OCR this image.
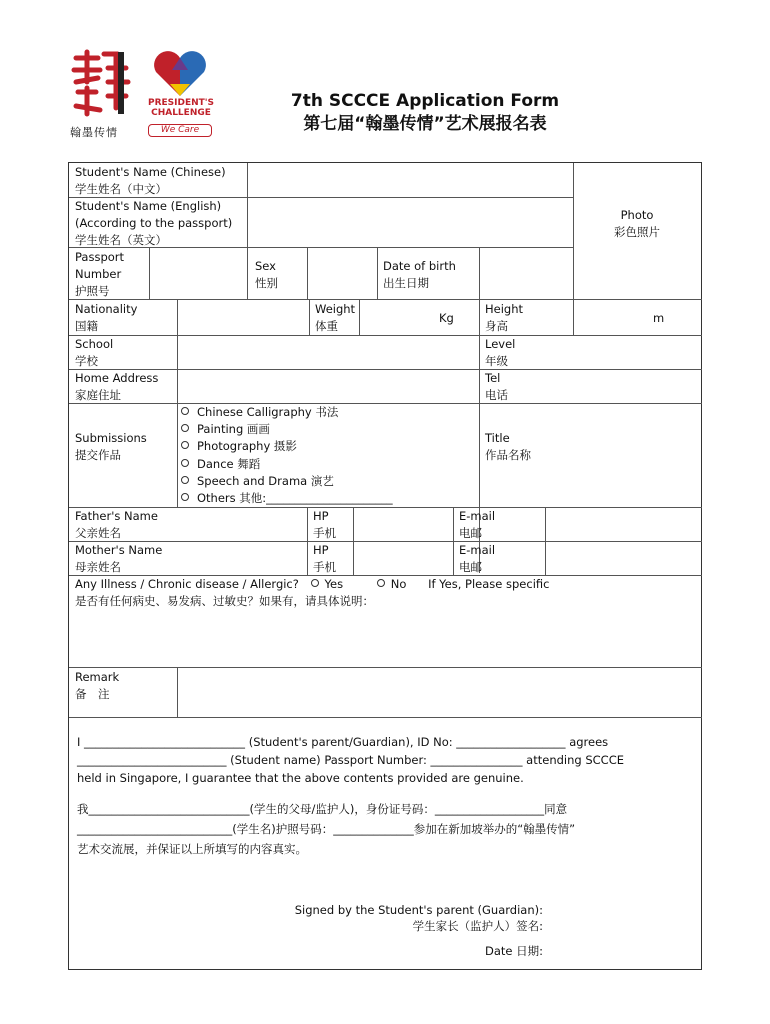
PRESIDENT'S
CHALLENGE
翰墨传情	We Care
7th SCCCE Application Form
第七届“翰墨传情”艺术展报名表
Student's Name (Chinese)
学生姓名（中文）
Student's Name (English)
(According to the passport)
学生姓名（英文）
Photo
彩色照片
Passport
Number
护照号
Sex
性别
Date of birth
出生日期
Nationality
国籍
Weight
体重
Kg
Height
身高
m
School
学校
Level
年级
Home Address
家庭住址
Tel
电话
Submissions
提交作品
Chinese Calligraphy 书法
Painting 画画
Photography 摄影
Dance 舞蹈
Speech and Drama 演艺
Others 其他:______________________
Title
作品名称
Father's Name
父亲姓名
HP
手机
E-mail
电邮
Mother's Name
母亲姓名
HP
手机
E-mail
电邮
Any Illness / Chronic disease / Allergic? Yes	No If Yes, Please specific
是否有任何病史、易发病、过敏史？如果有，请具体说明：
Remark
备　注
I ____________________________ (Student's parent/Guardian), ID No: ___________________ agrees
__________________________ (Student name) Passport Number: ________________ attending SCCCE
held in Singapore, I guarantee that the above contents provided are genuine.
我____________________________(学生的父母/监护人)，身份证号码：___________________同意
___________________________(学生名)护照号码：______________参加在新加坡举办的“翰墨传情”
艺术交流展，并保证以上所填写的内容真实。
Signed by the Student's parent (Guardian):
学生家长（监护人）签名:
Date 日期:
